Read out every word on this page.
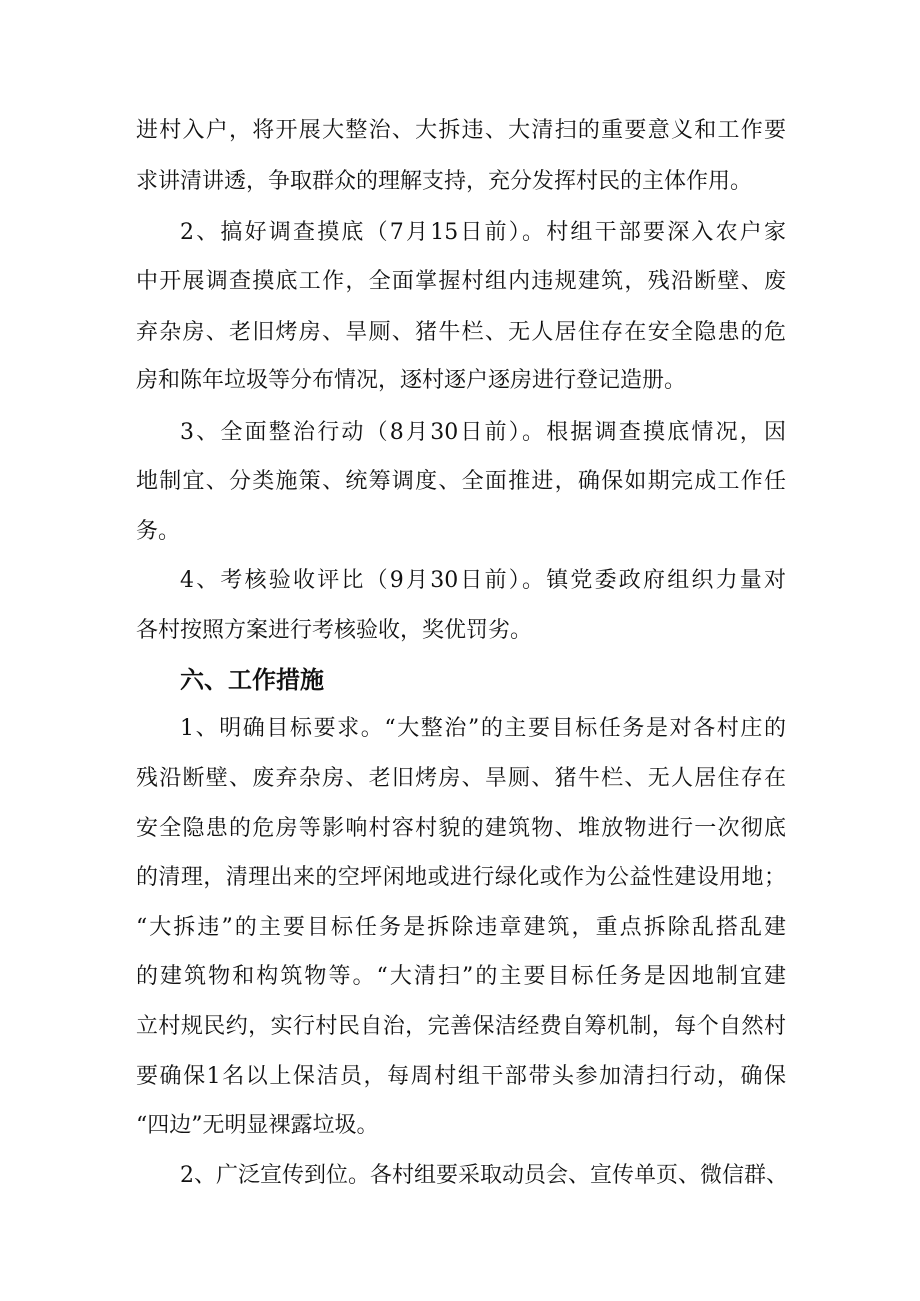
进村入户，将开展大整治、大拆违、大清扫的重要意义和工作要
求讲清讲透，争取群众的理解支持，充分发挥村民的主体作用。
2、搞好调查摸底（7月15日前）。村组干部要深入农户家
中开展调查摸底工作，全面掌握村组内违规建筑，残沿断壁、废
弃杂房、老旧烤房、旱厕、猪牛栏、无人居住存在安全隐患的危
房和陈年垃圾等分布情况，逐村逐户逐房进行登记造册。
3、全面整治行动（8月30日前）。根据调查摸底情况，因
地制宜、分类施策、统筹调度、全面推进，确保如期完成工作任
务。
4、考核验收评比（9月30日前）。镇党委政府组织力量对
各村按照方案进行考核验收，奖优罚劣。
六、工作措施
1、明确目标要求。“大整治”的主要目标任务是对各村庄的
残沿断壁、废弃杂房、老旧烤房、旱厕、猪牛栏、无人居住存在
安全隐患的危房等影响村容村貌的建筑物、堆放物进行一次彻底
的清理，清理出来的空坪闲地或进行绿化或作为公益性建设用地；
“大拆违”的主要目标任务是拆除违章建筑，重点拆除乱搭乱建
的建筑物和构筑物等。“大清扫”的主要目标任务是因地制宜建
立村规民约，实行村民自治，完善保洁经费自筹机制，每个自然村
要确保1名以上保洁员，每周村组干部带头参加清扫行动，确保
“四边”无明显裸露垃圾。
2、广泛宣传到位。各村组要采取动员会、宣传单页、微信群、
